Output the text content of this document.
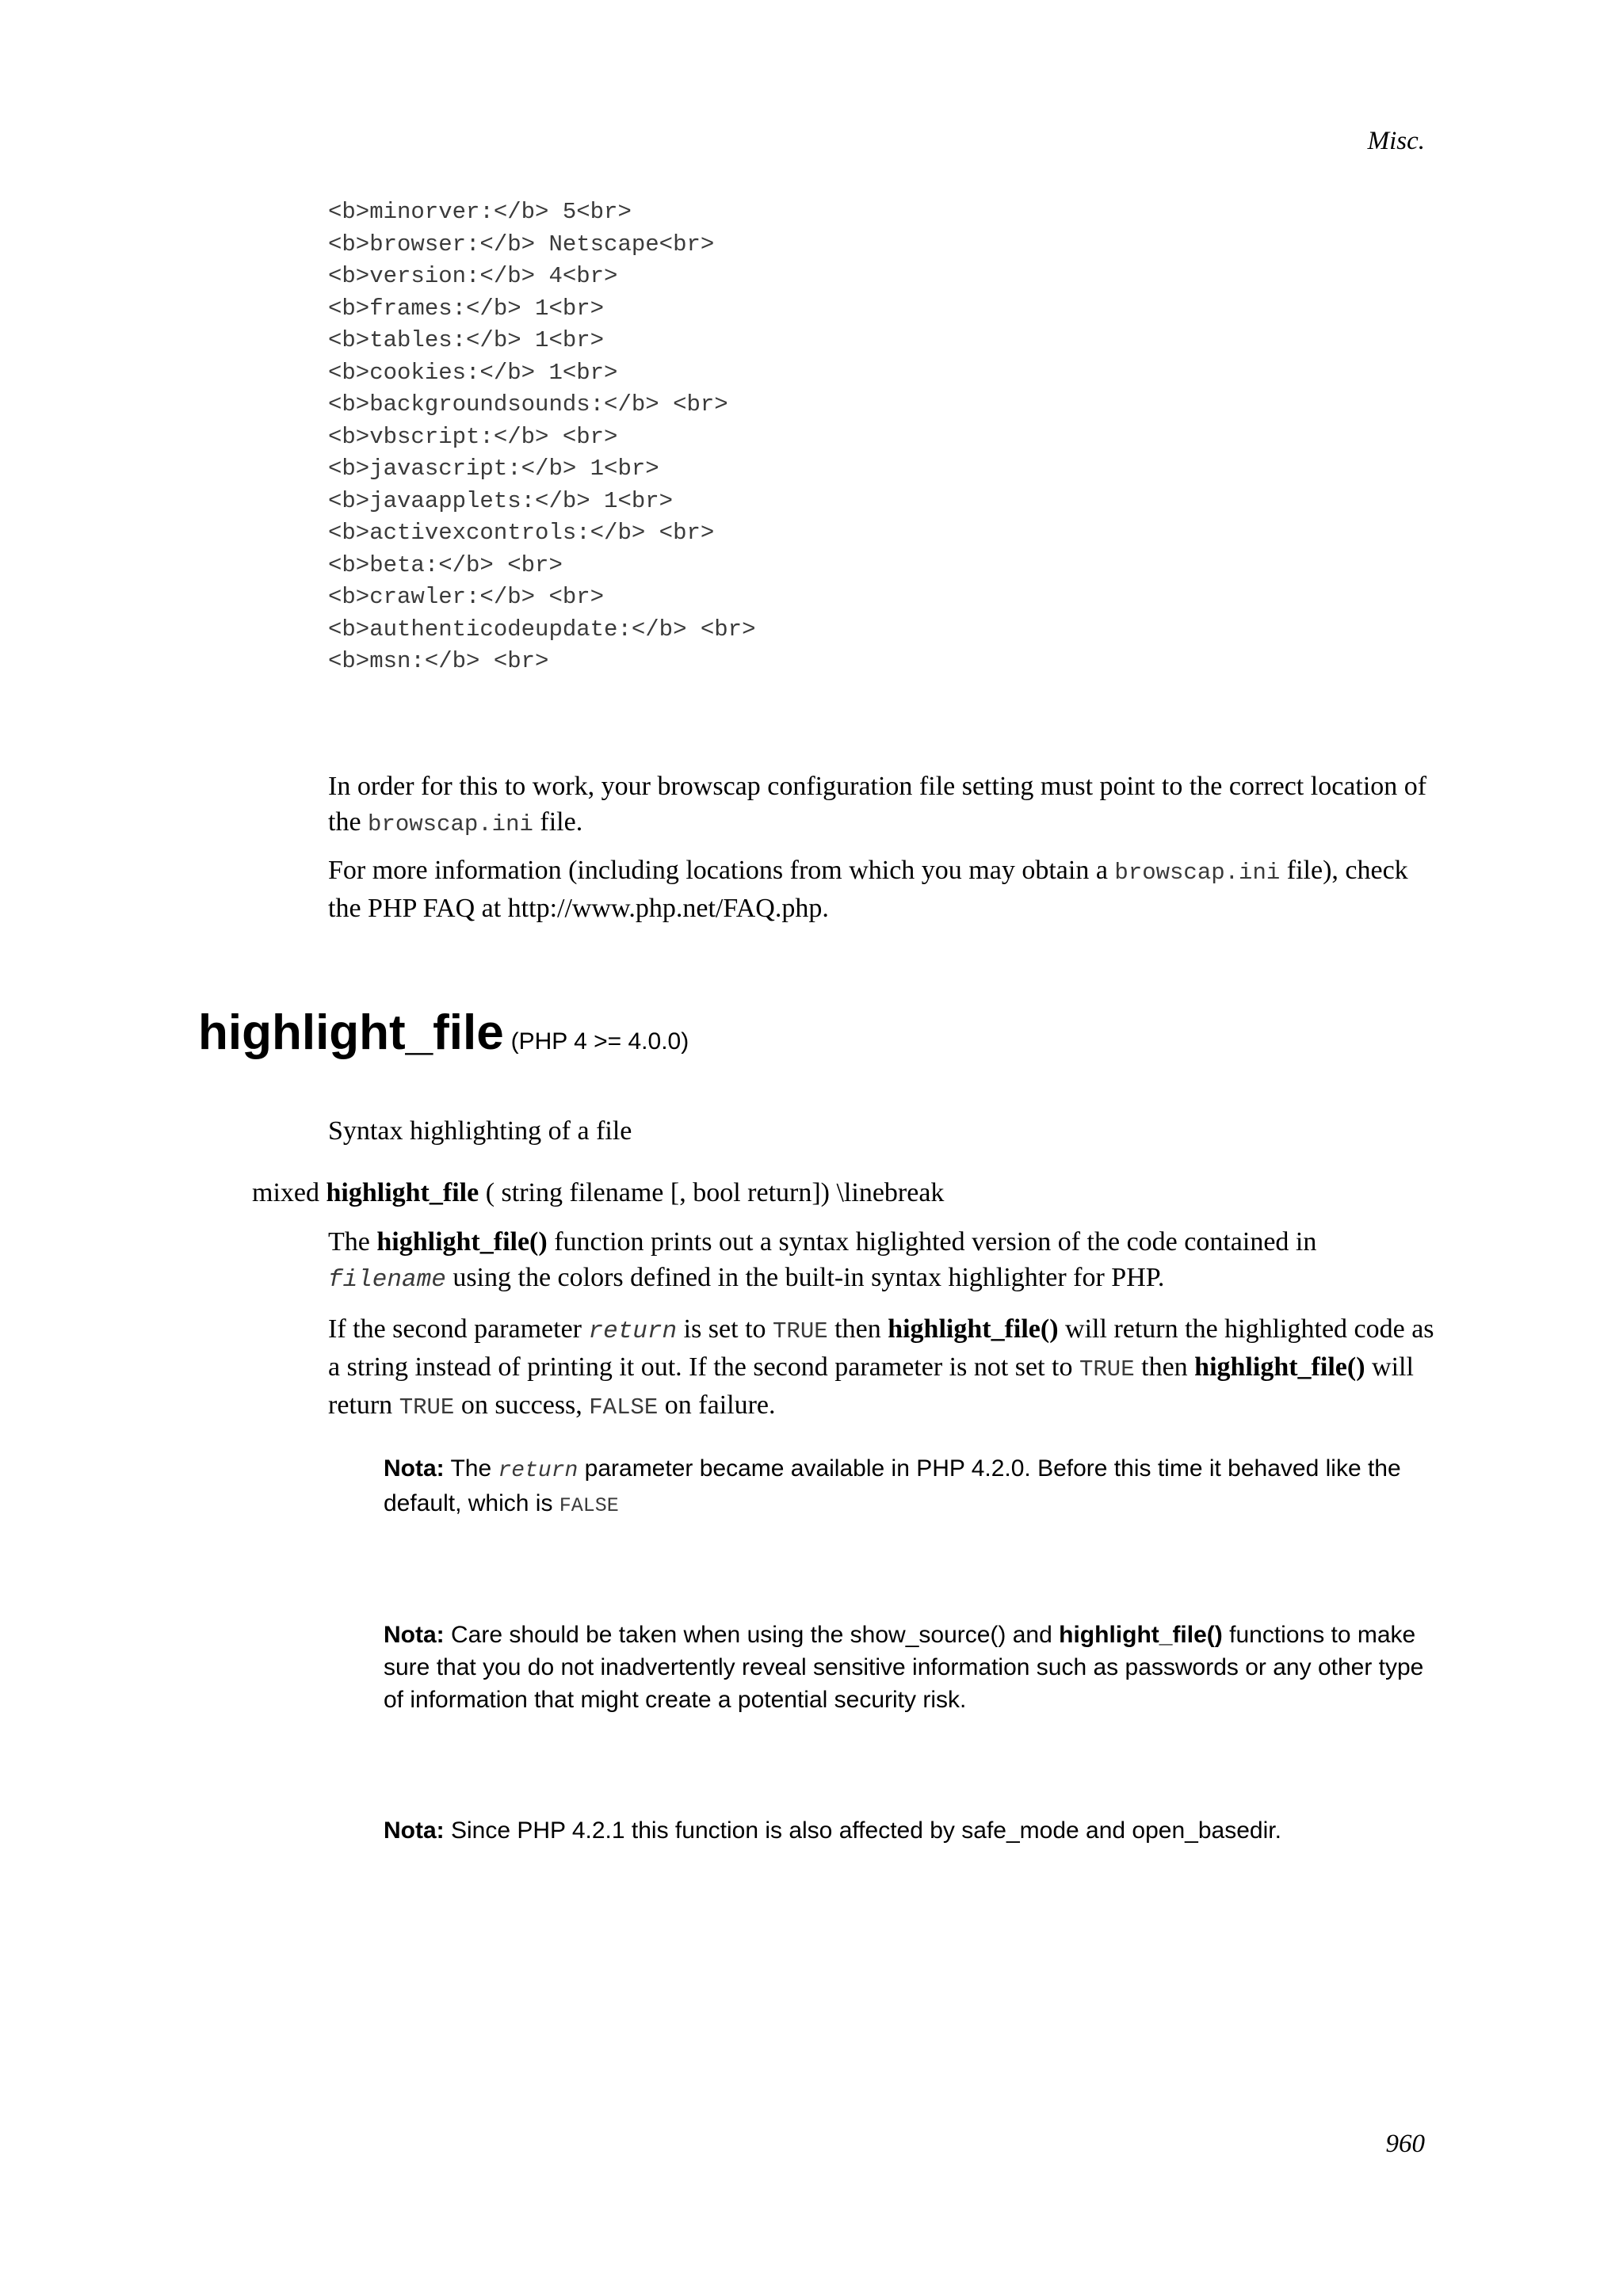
Misc.
<b>minorver:</b> 5<br>
<b>browser:</b> Netscape<br>
<b>version:</b> 4<br>
<b>frames:</b> 1<br>
<b>tables:</b> 1<br>
<b>cookies:</b> 1<br>
<b>backgroundsounds:</b> <br>
<b>vbscript:</b> <br>
<b>javascript:</b> 1<br>
<b>javaapplets:</b> 1<br>
<b>activexcontrols:</b> <br>
<b>beta:</b> <br>
<b>crawler:</b> <br>
<b>authenticodeupdate:</b> <br>
<b>msn:</b> <br>

In order for this to work, your browscap configuration file setting must point to the correct location of the browscap.ini file.

For more information (including locations from which you may obtain a browscap.ini file), check the PHP FAQ at http://www.php.net/FAQ.php.

highlight_file (PHP 4 >= 4.0.0)

Syntax highlighting of a file

mixed highlight_file ( string filename [, bool return]) \linebreak

The highlight_file() function prints out a syntax higlighted version of the code contained in filename using the colors defined in the built-in syntax highlighter for PHP.

If the second parameter return is set to TRUE then highlight_file() will return the highlighted code as a string instead of printing it out. If the second parameter is not set to TRUE then highlight_file() will return TRUE on success, FALSE on failure.

Nota: The return parameter became available in PHP 4.2.0. Before this time it behaved like the default, which is FALSE

Nota: Care should be taken when using the show_source() and highlight_file() functions to make sure that you do not inadvertently reveal sensitive information such as passwords or any other type of information that might create a potential security risk.

Nota: Since PHP 4.2.1 this function is also affected by safe_mode and open_basedir.

960
